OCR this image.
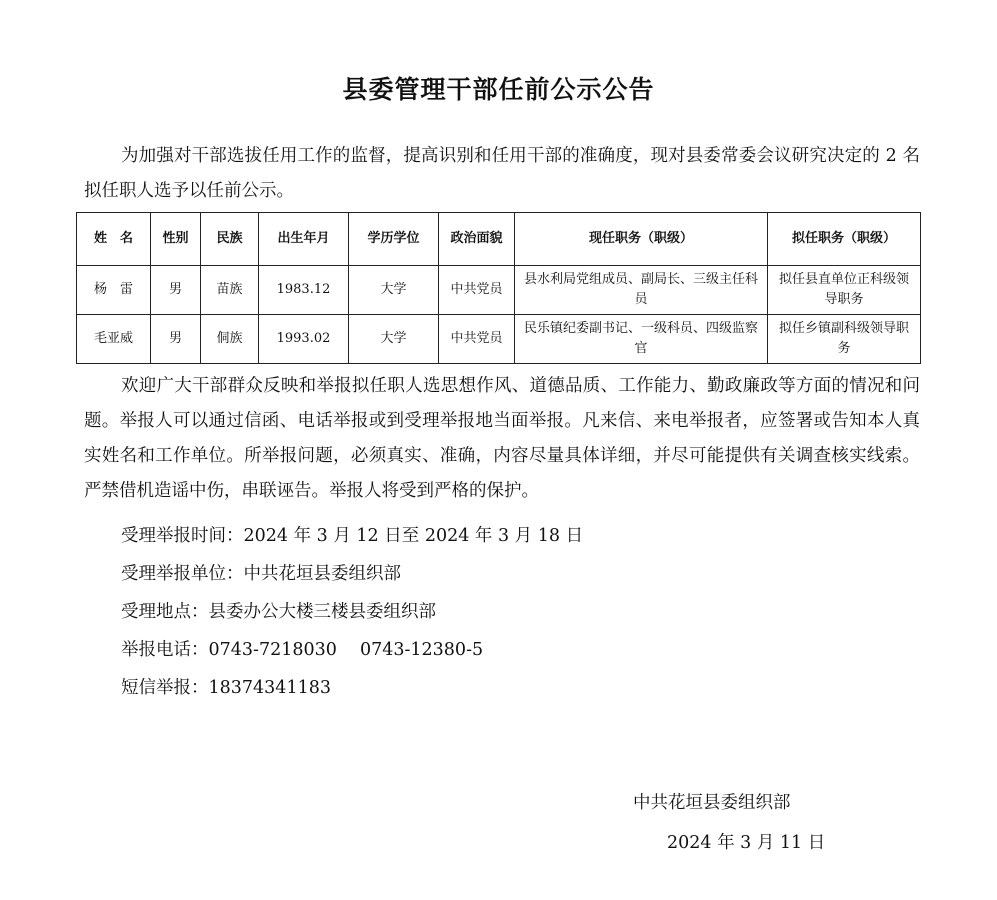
县委管理干部任前公示公告
为加强对干部选拔任用工作的监督，提高识别和任用干部的准确度，现对县委常委会议研究决定的 2 名拟任职人选予以任前公示。
姓　名	性别	民族	出生年月	学历学位	政治面貌	现任职务（职级）	拟任职务（职级）
杨　雷	男	苗族	1983.12	大学	中共党员	县水利局党组成员、副局长、三级主任科员	拟任县直单位正科级领导职务
毛亚威	男	侗族	1993.02	大学	中共党员	民乐镇纪委副书记、一级科员、四级监察官	拟任乡镇副科级领导职务
欢迎广大干部群众反映和举报拟任职人选思想作风、道德品质、工作能力、勤政廉政等方面的情况和问题。举报人可以通过信函、电话举报或到受理举报地当面举报。凡来信、来电举报者，应签署或告知本人真实姓名和工作单位。所举报问题，必须真实、准确，内容尽量具体详细，并尽可能提供有关调查核实线索。严禁借机造谣中伤，串联诬告。举报人将受到严格的保护。
受理举报时间：2024 年 3 月 12 日至 2024 年 3 月 18 日
受理举报单位：中共花垣县委组织部
受理地点：县委办公大楼三楼县委组织部
举报电话：0743-7218030　 0743-12380-5
短信举报：18374341183
中共花垣县委组织部
2024 年 3 月 11 日
